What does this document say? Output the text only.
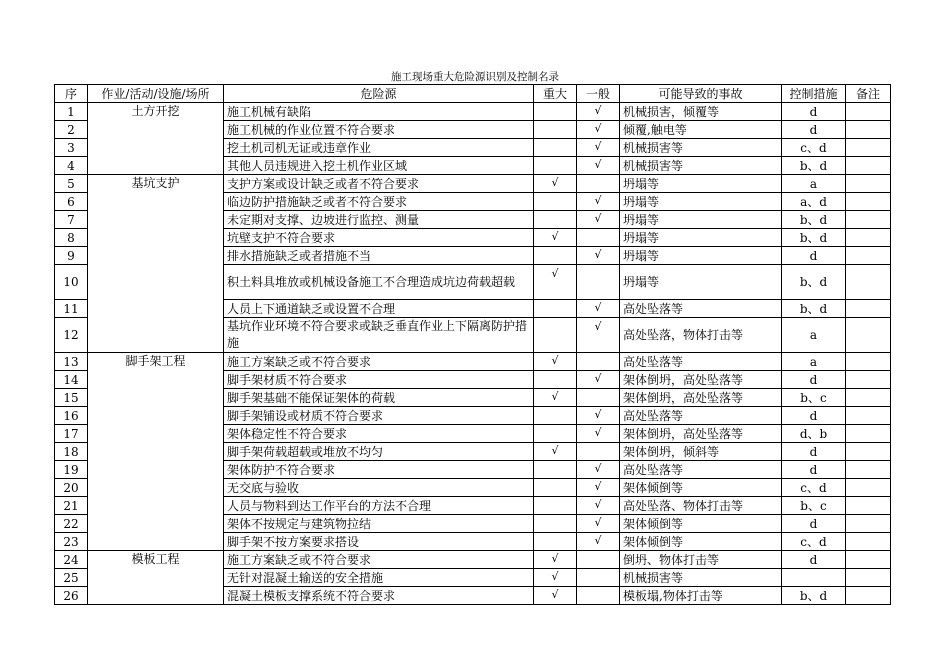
施工现场重大危险源识别及控制名录
序	作业/活动/设施/场所	危险源	重大	一般	可能导致的事故	控制措施	备注
1	土方开挖	施工机械有缺陷		√	机械损害，倾覆等	d	
2		施工机械的作业位置不符合要求		√	倾覆,触电等	d	
3		挖土机司机无证或违章作业		√	机械损害等	c、d	
4		其他人员违规进入挖土机作业区域		√	机械损害等	b、d	
5	基坑支护	支护方案或设计缺乏或者不符合要求	√		坍塌等	a	
6		临边防护措施缺乏或者不符合要求		√	坍塌等	a、d	
7		未定期对支撑、边坡进行监控、测量		√	坍塌等	b、d	
8		坑壁支护不符合要求	√		坍塌等	b、d	
9		排水措施缺乏或者措施不当		√	坍塌等	d	
10		积土料具堆放或机械设备施工不合理造成坑边荷载超载	√		坍塌等	b、d	
11		人员上下通道缺乏或设置不合理		√	高处坠落等	b、d	
12		基坑作业环境不符合要求或缺乏垂直作业上下隔离防护措施		√	高处坠落，物体打击等	a	
13	脚手架工程	施工方案缺乏或不符合要求	√		高处坠落等	a	
14		脚手架材质不符合要求		√	架体倒坍，高处坠落等	d	
15		脚手架基础不能保证架体的荷载	√		架体倒坍，高处坠落等	b、c	
16		脚手架铺设或材质不符合要求		√	高处坠落等	d	
17		架体稳定性不符合要求		√	架体倒坍，高处坠落等	d、b	
18		脚手架荷载超载或堆放不均匀	√		架体倒坍，倾斜等	d	
19		架体防护不符合要求		√	高处坠落等	d	
20		无交底与验收		√	架体倾倒等	c、d	
21		人员与物料到达工作平台的方法不合理		√	高处坠落、物体打击等	b、c	
22		架体不按规定与建筑物拉结		√	架体倾倒等	d	
23		脚手架不按方案要求搭设		√	架体倾倒等	c、d	
24	模板工程	施工方案缺乏或不符合要求	√		倒坍、物体打击等	d	
25		无针对混凝土输送的安全措施	√		机械损害等		
26		混凝土模板支撑系统不符合要求	√		模板塌,物体打击等	b、d	
